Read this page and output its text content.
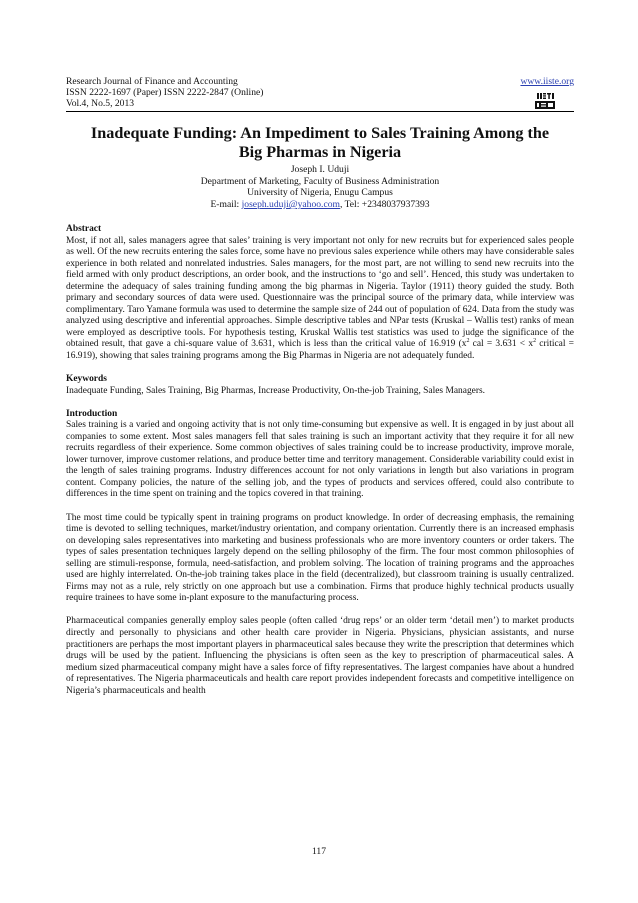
Research Journal of Finance and Accounting
ISSN 2222-1697 (Paper) ISSN 2222-2847 (Online)
Vol.4, No.5, 2013
www.iiste.org
Inadequate Funding: An Impediment to Sales Training Among the
Big Pharmas in Nigeria
Joseph I. Uduji
Department of Marketing, Faculty of Business Administration
University of Nigeria, Enugu Campus
E-mail: joseph.uduji@yahoo.com, Tel: +2348037937393

Abstract

Most, if not all, sales managers agree that sales’ training is very important not only for new recruits but for experienced sales people as well. Of the new recruits entering the sales force, some have no previous sales experience while others may have considerable sales experience in both related and nonrelated industries. Sales managers, for the most part, are not willing to send new recruits into the field armed with only product descriptions, an order book, and the instructions to ‘go and sell’. Henced, this study was undertaken to determine the adequacy of sales training funding among the big pharmas in Nigeria. Taylor (1911) theory guided the study. Both primary and secondary sources of data were used. Questionnaire was the principal source of the primary data, while interview was complimentary. Taro Yamane formula was used to determine the sample size of 244 out of population of 624. Data from the study was analyzed using descriptive and inferential approaches. Simple descriptive tables and NPar tests (Kruskal – Wallis test) ranks of mean were employed as descriptive tools. For hypothesis testing, Kruskal Wallis test statistics was used to judge the significance of the obtained result, that gave a chi-square value of 3.631, which is less than the critical value of 16.919 ($x^2$ cal = $3.631 < x^2$ critical = 16.919), showing that sales training programs among the Big Pharmas in Nigeria are not adequately funded.

Keywords

Inadequate Funding, Sales Training, Big Pharmas, Increase Productivity, On-the-job Training, Sales Managers.

Introduction

Sales training is a varied and ongoing activity that is not only time-consuming but expensive as well. It is engaged in by just about all companies to some extent. Most sales managers fell that sales training is such an important activity that they require it for all new recruits regardless of their experience. Some common objectives of sales training could be to increase productivity, improve morale, lower turnover, improve customer relations, and produce better time and territory management. Considerable variability could exist in the length of sales training programs. Industry differences account for not only variations in length but also variations in program content. Company policies, the nature of the selling job, and the types of products and services offered, could also contribute to differences in the time spent on training and the topics covered in that training.

The most time could be typically spent in training programs on product knowledge. In order of decreasing emphasis, the remaining time is devoted to selling techniques, market/industry orientation, and company orientation. Currently there is an increased emphasis on developing sales representatives into marketing and business professionals who are more inventory counters or order takers. The types of sales presentation techniques largely depend on the selling philosophy of the firm. The four most common philosophies of selling are stimuli-response, formula, need-satisfaction, and problem solving. The location of training programs and the approaches used are highly interrelated. On-the-job training takes place in the field (decentralized), but classroom training is usually centralized. Firms may not as a rule, rely strictly on one approach but use a combination. Firms that produce highly technical products usually require trainees to have some in-plant exposure to the manufacturing process.

Pharmaceutical companies generally employ sales people (often called ‘drug reps’ or an older term ‘detail men’) to market products directly and personally to physicians and other health care provider in Nigeria. Physicians, physician assistants, and nurse practitioners are perhaps the most important players in pharmaceutical sales because they write the prescription that determines which drugs will be used by the patient. Influencing the physicians is often seen as the key to prescription of pharmaceutical sales. A medium sized pharmaceutical company might have a sales force of fifty representatives. The largest companies have about a hundred of representatives. The Nigeria pharmaceuticals and health care report provides independent forecasts and competitive intelligence on Nigeria’s pharmaceuticals and health

117
